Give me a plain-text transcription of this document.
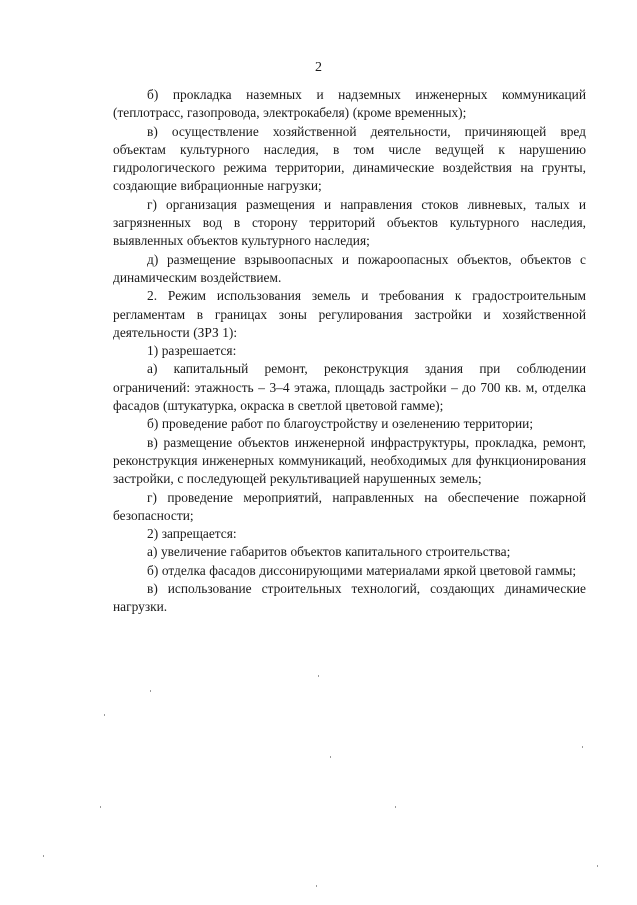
2

б) прокладка наземных и надземных инженерных коммуникаций (теплотрасс, газопровода, электрокабеля) (кроме временных);

в) осуществление хозяйственной деятельности, причиняющей вред объектам культурного наследия, в том числе ведущей к нарушению гидрологического режима территории, динамические воздействия на грунты, создающие вибрационные нагрузки;

г) организация размещения и направления стоков ливневых, талых и загрязненных вод в сторону территорий объектов культурного наследия, выявленных объектов культурного наследия;

д) размещение взрывоопасных и пожароопасных объектов, объектов с динамическим воздействием.

2. Режим использования земель и требования к градостроительным регламентам в границах зоны регулирования застройки и хозяйственной деятельности (ЗРЗ 1):

1) разрешается:

а) капитальный ремонт, реконструкция здания при соблюдении ограничений: этажность – 3–4 этажа, площадь застройки – до 700 кв. м, отделка фасадов (штукатурка, окраска в светлой цветовой гамме);

б) проведение работ по благоустройству и озеленению территории;

в) размещение объектов инженерной инфраструктуры, прокладка, ремонт, реконструкция инженерных коммуникаций, необходимых для функционирования застройки, с последующей рекультивацией нарушенных земель;

г) проведение мероприятий, направленных на обеспечение пожарной безопасности;

2) запрещается:

а) увеличение габаритов объектов капитального строительства;

б) отделка фасадов диссонирующими материалами яркой цветовой гаммы;

в) использование строительных технологий, создающих динамические нагрузки.
